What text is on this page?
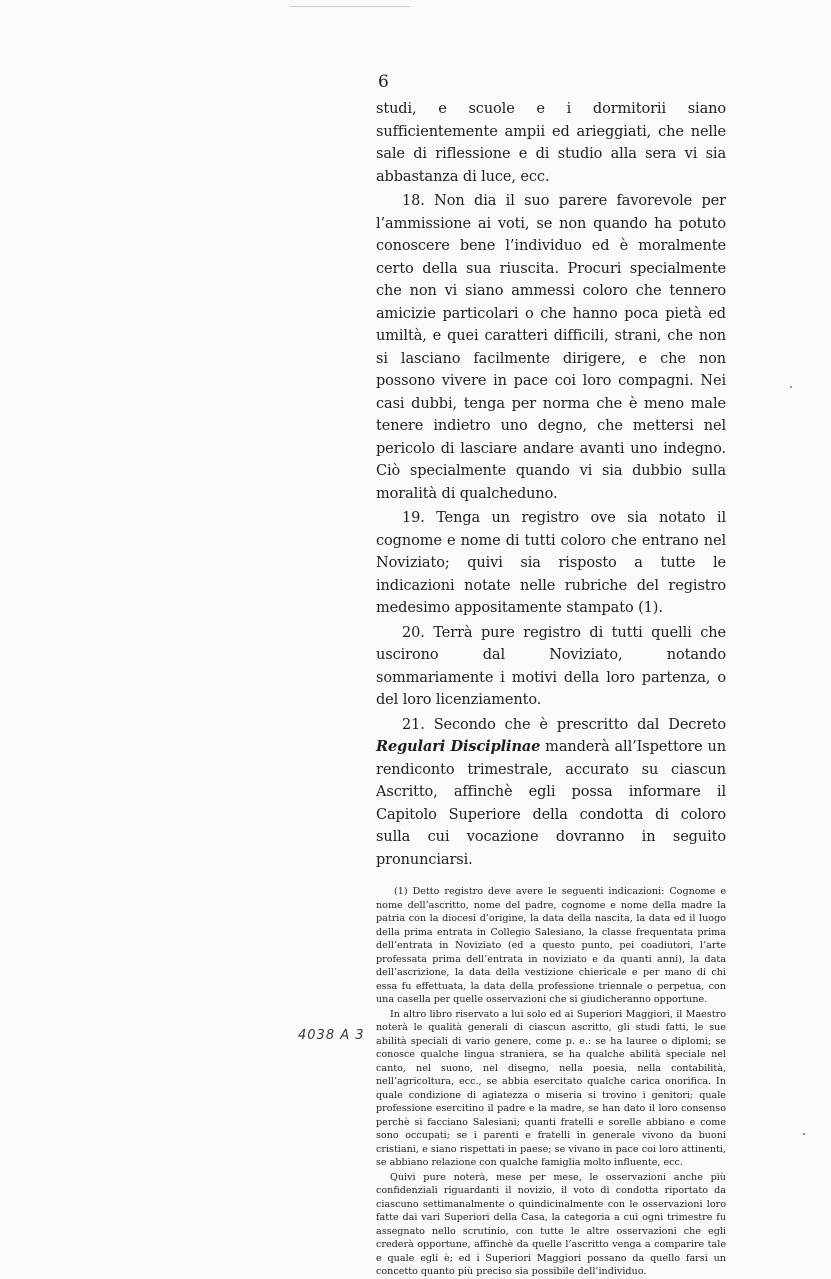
6

studi, e scuole e i dormitorii siano sufficientemente ampii ed arieggiati, che nelle sale di riflessione e di studio alla sera vi sia abbastanza di luce, ecc.

18. Non dia il suo parere favorevole per l’ammissione ai voti, se non quando ha potuto conoscere bene l’individuo ed è moralmente certo della sua riuscita. Procuri specialmente che non vi siano ammessi coloro che tennero amicizie particolari o che hanno poca pietà ed umiltà, e quei caratteri difficili, strani, che non si lasciano facilmente dirigere, e che non possono vivere in pace coi loro compagni. Nei casi dubbi, tenga per norma che è meno male tenere indietro uno degno, che mettersi nel pericolo di lasciare andare avanti uno indegno. Ciò specialmente quando vi sia dubbio sulla moralità di qualcheduno.

19. Tenga un registro ove sia notato il cognome e nome di tutti coloro che entrano nel Noviziato; quivi sia risposto a tutte le indicazioni notate nelle rubriche del registro medesimo appositamente stampato (1).

20. Terrà pure registro di tutti quelli che uscirono dal Noviziato, notando sommariamente i motivi della loro partenza, o del loro licenziamento.

21. Secondo che è prescritto dal Decreto Regulari Disciplinae manderà all’Ispettore un rendiconto trimestrale, accurato su ciascun Ascritto, affinchè egli possa informare il Capitolo Superiore della condotta di coloro sulla cui vocazione dovranno in seguito pronunciarsi.

(1) Detto registro deve avere le seguenti indicazioni: Cognome e nome dell’ascritto, nome del padre, cognome e nome della madre la patria con la diocesi d’origine, la data della nascita, la data ed il luogo della prima entrata in Collegio Salesiano, la classe frequentata prima dell’entrata in Noviziato (ed a questo punto, pei coadiutori, l’arte professata prima dell’entrata in noviziato e da quanti anni), la data dell’ascrizione, la data della vestizione chiericale e per mano di chi essa fu effettuata, la data della professione triennale o perpetua, con una casella per quelle osservazioni che si giudicheranno opportune.

In altro libro riservato a lui solo ed ai Superiori Maggiori, il Maestro noterà le qualità generali di ciascun ascritto, gli studi fatti, le sue abilità speciali di vario genere, come p. e.: se ha lauree o diplomi; se conosce qualche lingua straniera, se ha qualche abilità speciale nel canto, nel suono, nel disegno, nella poesia, nella contabilità, nell’agricoltura, ecc., se abbia esercitato qualche carica onorifica. In quale condizione di agiatezza o miseria si trovino i genitori; quale professione esercitino il padre e la madre, se han dato il loro consenso perchè si facciano Salesiani; quanti fratelli e sorelle abbiano e come sono occupati; se i parenti e fratelli in generale vivono da buoni cristiani, e siano rispettati in paese; se vivano in pace coi loro attinenti, se abbiano relazione con qualche famiglia molto influente, ecc.

Quivi pure noterà, mese per mese, le osservazioni anche più confidenziali riguardanti il novizio, il voto di condotta riportato da ciascuno settimanalmente o quindicinalmente con le osservazioni loro fatte dai vari Superiori della Casa, la categoria a cui ogni trimestre fu assegnato nello scrutinio, con tutte le altre osservazioni che egli crederà opportune, affinchè da quelle l’ascritto venga a comparire tale e quale egli è; ed i Superiori Maggiori possano da quello farsi un concetto quanto più preciso sia possibile dell’individuo.

4038 A 3
